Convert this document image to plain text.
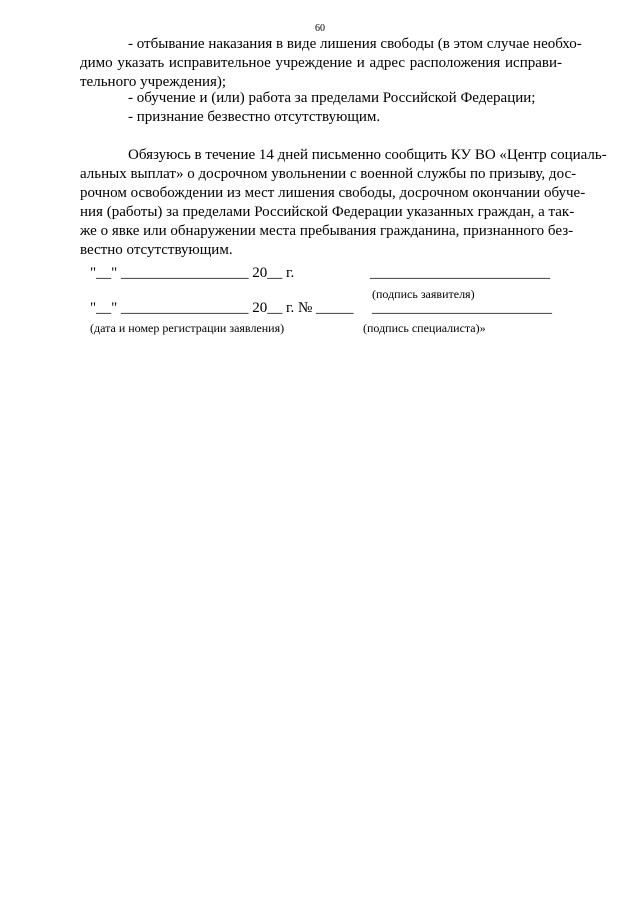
60
- отбывание наказания в виде лишения свободы (в этом случае необхо-
димо указать исправительное учреждение и адрес расположения исправи-
тельного учреждения);
- обучение и (или) работа за пределами Российской Федерации;
- признание безвестно отсутствующим.
Обязуюсь в течение 14 дней письменно сообщить КУ ВО «Центр социаль-
альных выплат» о досрочном увольнении с военной службы по призыву, дос-
рочном освобождении из мест лишения свободы, досрочном окончании обуче-
ния (работы) за пределами Российской Федерации указанных граждан, а так-
же о явке или обнаружении места пребывания гражданина, признанного без-
вестно отсутствующим.
"__" _________________ 20__ г.	________________________
(подпись заявителя)
"__" _________________ 20__ г. № _____ ________________________
(дата и номер регистрации заявления)	(подпись специалиста)»
